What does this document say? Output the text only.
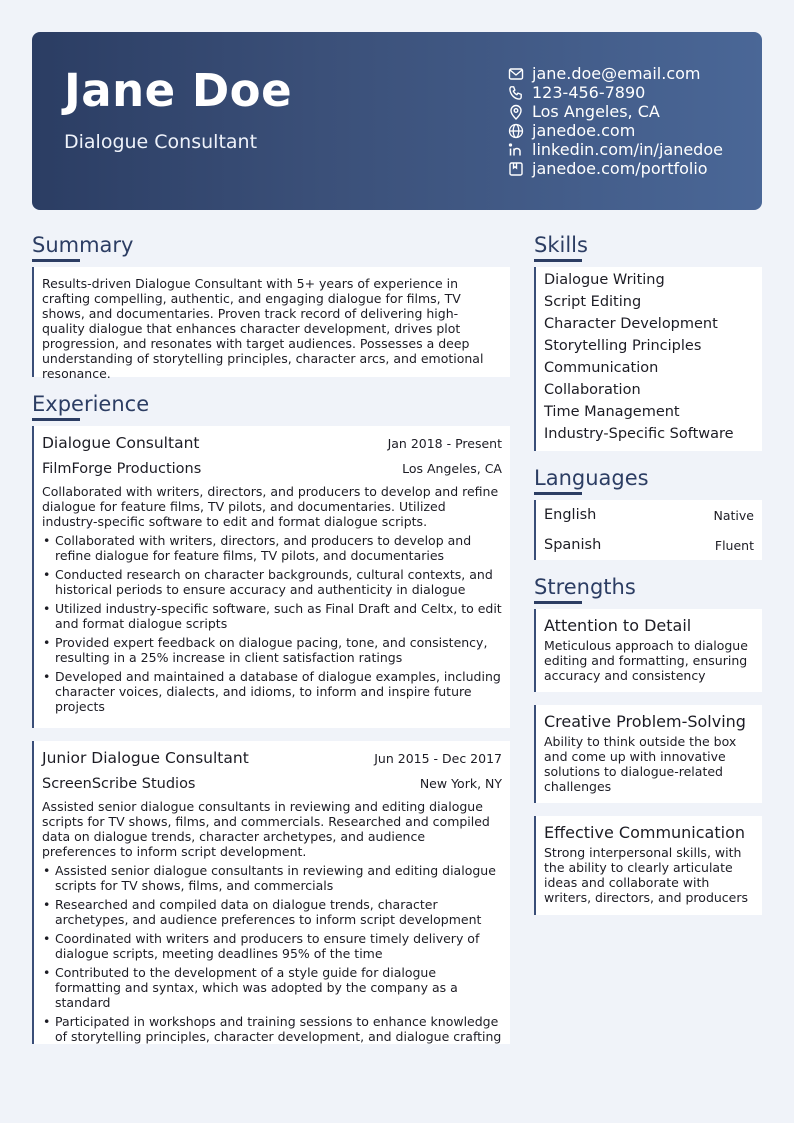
Jane Doe
Dialogue Consultant
jane.doe@email.com
123-456-7890
Los Angeles, CA
janedoe.com
linkedin.com/in/janedoe
janedoe.com/portfolio
Summary
Results-driven Dialogue Consultant with 5+ years of experience in crafting compelling, authentic, and engaging dialogue for films, TV shows, and documentaries. Proven track record of delivering high-quality dialogue that enhances character development, drives plot progression, and resonates with target audiences. Possesses a deep understanding of storytelling principles, character arcs, and emotional resonance.
Experience
Dialogue Consultant	Jan 2018 - Present
FilmForge Productions	Los Angeles, CA
Collaborated with writers, directors, and producers to develop and refine dialogue for feature films, TV pilots, and documentaries. Utilized industry-specific software to edit and format dialogue scripts.
• Collaborated with writers, directors, and producers to develop and refine dialogue for feature films, TV pilots, and documentaries
• Conducted research on character backgrounds, cultural contexts, and historical periods to ensure accuracy and authenticity in dialogue
• Utilized industry-specific software, such as Final Draft and Celtx, to edit and format dialogue scripts
• Provided expert feedback on dialogue pacing, tone, and consistency, resulting in a 25% increase in client satisfaction ratings
• Developed and maintained a database of dialogue examples, including character voices, dialects, and idioms, to inform and inspire future projects
Junior Dialogue Consultant	Jun 2015 - Dec 2017
ScreenScribe Studios	New York, NY
Assisted senior dialogue consultants in reviewing and editing dialogue scripts for TV shows, films, and commercials. Researched and compiled data on dialogue trends, character archetypes, and audience preferences to inform script development.
• Assisted senior dialogue consultants in reviewing and editing dialogue scripts for TV shows, films, and commercials
• Researched and compiled data on dialogue trends, character archetypes, and audience preferences to inform script development
• Coordinated with writers and producers to ensure timely delivery of dialogue scripts, meeting deadlines 95% of the time
• Contributed to the development of a style guide for dialogue formatting and syntax, which was adopted by the company as a standard
• Participated in workshops and training sessions to enhance knowledge of storytelling principles, character development, and dialogue crafting
Skills
Dialogue Writing
Script Editing
Character Development
Storytelling Principles
Communication
Collaboration
Time Management
Industry-Specific Software
Languages
English	Native
Spanish	Fluent
Strengths
Attention to Detail
Meticulous approach to dialogue editing and formatting, ensuring accuracy and consistency
Creative Problem-Solving
Ability to think outside the box and come up with innovative solutions to dialogue-related challenges
Effective Communication
Strong interpersonal skills, with the ability to clearly articulate ideas and collaborate with writers, directors, and producers
